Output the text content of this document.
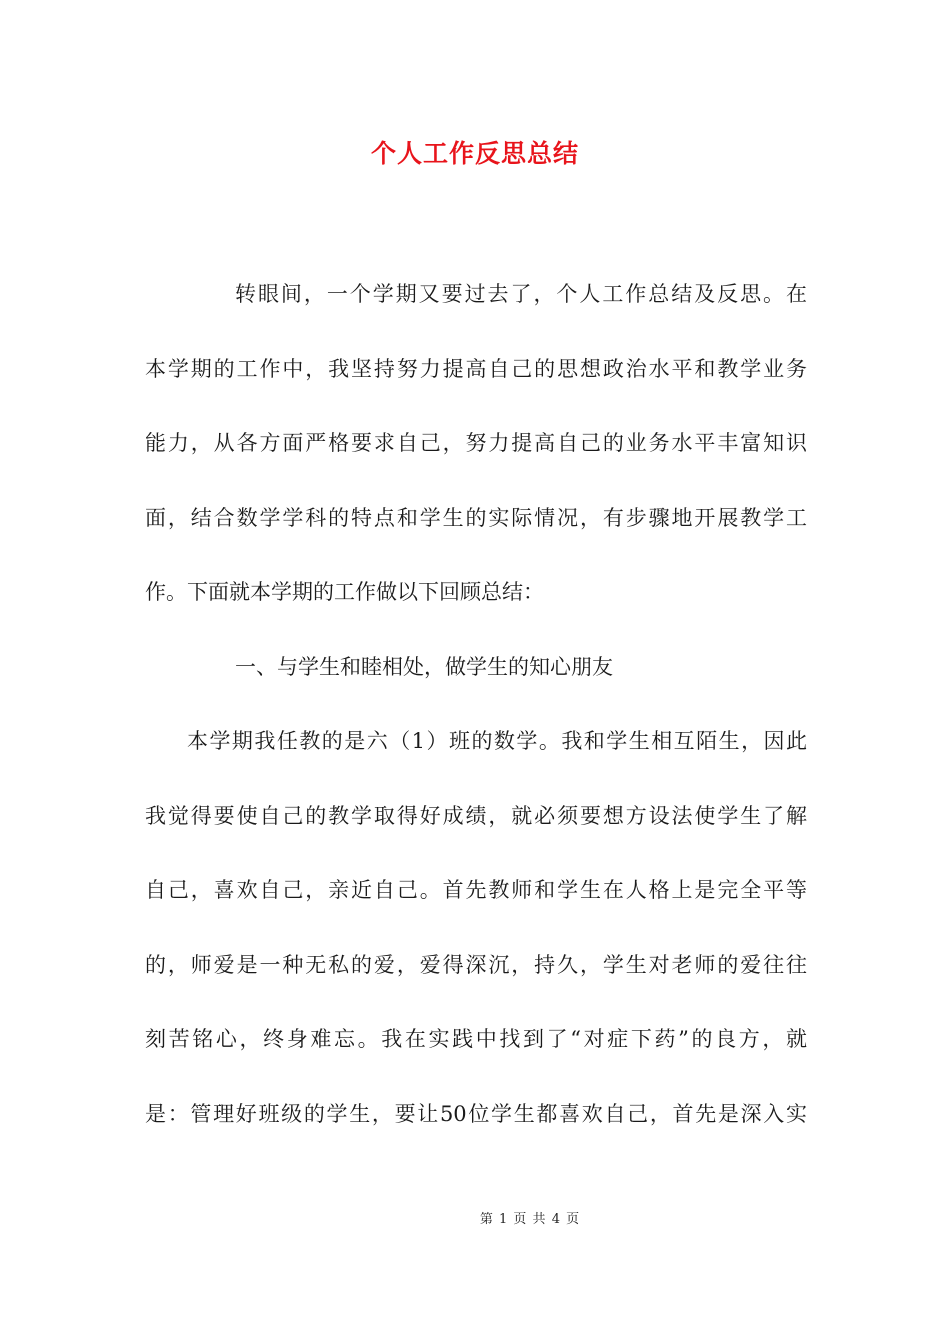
个人工作反思总结
转眼间，一个学期又要过去了，个人工作总结及反思。在
本学期的工作中，我坚持努力提高自己的思想政治水平和教学业务
能力，从各方面严格要求自己，努力提高自己的业务水平丰富知识
面，结合数学学科的特点和学生的实际情况，有步骤地开展教学工
作。下面就本学期的工作做以下回顾总结：
一、与学生和睦相处，做学生的知心朋友
本学期我任教的是六（1）班的数学。我和学生相互陌生，因此
我觉得要使自己的教学取得好成绩，就必须要想方设法使学生了解
自己，喜欢自己，亲近自己。首先教师和学生在人格上是完全平等
的，师爱是一种无私的爱，爱得深沉，持久，学生对老师的爱往往
刻苦铭心，终身难忘。我在实践中找到了“对症下药”的良方，就
是：管理好班级的学生，要让50位学生都喜欢自己，首先是深入实
第 1 页 共 4 页
